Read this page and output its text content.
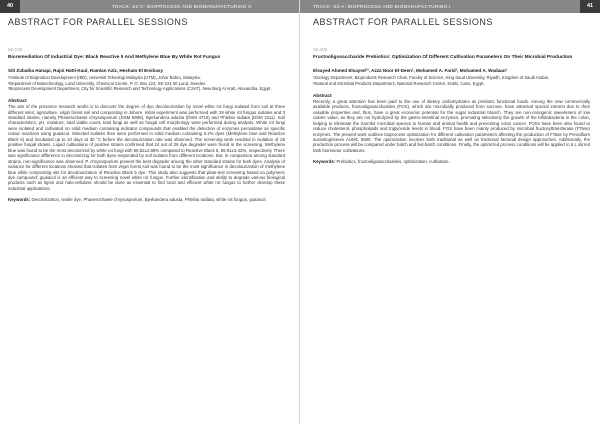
TRACK: S2-C: BIOPROCESS AND BIOMANUFACTURING II
40
ABSTRACT FOR PARALLEL SESSIONS
S2-C03
Bioremediation Of Industrial Dye: Black Reactive 5 And Methylene Blue By White Rot Fungus
Siti Zubaiha Hanapi, Rajni Hatti-Kaul, Ramlan Aziz, Hesham El Enshasy
¹Institute of Bioproduct Development (IBD), Universiti Teknologi Malaysia (UTM), Johor Bahru, Malaysia.
²Department of Biotechnology, Lund University, Chemical Centre, P. O. Box 124, SE-221 00 Lund, Sweden.
³Bioprocess Development Department, City for Scientific Research and Technology Applications (CSAT), New Burg Al Arab, Alexandria, Egypt.
Abstract
The aim of the presence research works is to discover the degree of dye decolourization by novel white rot fungi isolated from soil at three different sites; agriculture, virgin forest soil and composting in Johore. Initial experiment was performed with 29 white rot fungus isolates and 3 standard strains, namely Phanerochaete chrysosporium (DSM 6909), Bjerkandera adusta (DSM 4710) and Phlebia radiata (DSM 2111). Soil characteristics; pH, moisture, total viable count, total fungi as well as fungal cell morphology were performed during analysis. White rot fungi were isolated and cultivated on solid medium containing indicator compounds that enabled the detection of enzymes peroxidase as specific colour reactions using guaiacol. Selected isolates then were performed in solid medium containing 0.2% dyes (Methylene blue and Reactive Black 5) and incubated up to 10 days at 30 °C before the decolourization rate was observed. The screening work resulted in isolation of 26 positive fungal strains. Liquid cultivations of positive strains confirmed that 24 out of 26 dye degrader were found in the screening. Methylene blue was found to be the most decolorized by white rot fungi with 68.52±3.88% compared to Reactive Black 5, 59.91±3.42%, respectively. There was significance difference in decolorizing for both dyes responded by soil isolates from different locations. But, in comparison among standard strains, non-significance was observed. P. chrysosporium present the best degrader among the other standard strains for both dyes. Analysis of variance for different locations showed that isolates from virgin forest soil was found to be the most significance in decolourization of methylene blue while composting site for decolourization of Reactive Black 5 dye. This study also suggests that plate-test screening based on polymeric dye compound; guaiacol is an efficient way to screening novel white rot fungus. Further identification and ability to degrade various biological products such as lignin and halo-cellulose should be done as essential to find local and efficient white rot fungus to further develop these industrial applications.
Keywords: Decolorization, textile dye, Phanerochaete chrysosporium, Bjerkandera adusta, Phlebia radiata, white rot fungus, guaiacol.
TRACK: S2-A: BIOPROCESS AND BIOMANUFACTURING I	41
ABSTRACT FOR PARALLEL SESSIONS
S2-A03
Fructooligosaccharide Prebiotics: Optimization Of Different Cultivation Parameters On Their Microbial Production
Elsayed Ahmed Elsayed¹², Azza Noor El-Deen², Mohamed A. Farid², Mohamed A. Wadaan¹
¹Zoology Department, Bioproducts Research Chair, Faculty of Science, King Saud University, Riyadh, Kingdom of Saudi Arabia.
²Natural and Microbial Products Department, National Research Centre, Dokki, Cairo, Egypt.
Abstract
Recently, a great attention has been paid to the use of dietary carbohydrates as prebiotic functional foods. Among the new commercially available products, fructooligosaccharides (FOS), which are microbially produced from sucrose, have attracted special interest due to their valuable properties and, thus, have a great economic potential for the sugar industrial branch. They are non-cariogenic sweeteners of low calorie value, as they are not hydrolyzed by the gastro-intestinal enzymes, promoting selectively the growth of the bifidobacteria in the colon, helping to eliminate the harmful microbial species to human and animal health and preventing colon cancer. FOSs have been also found to reduce cholesterol, phospholipids and triglyceride levels in blood. FOS have been mainly produced by microbial fructosyltransferase (FTase) enzymes. The present work outlines bioprocess optimization for different cultivation parameters affecting the production of FTase by Penicillium aurantiogriseum AUMC 5605. The optimization involves both traditional as well as fractional factorial design approaches. Additionally, the production process will be compared under batch and fed-batch conditions. Finally, the optimized process conditions will be applied to 5 L stirred tank bioreactor cultivations.
Keywords: Prebiotics, fructooligosaccharides, optimization, cultivation.
